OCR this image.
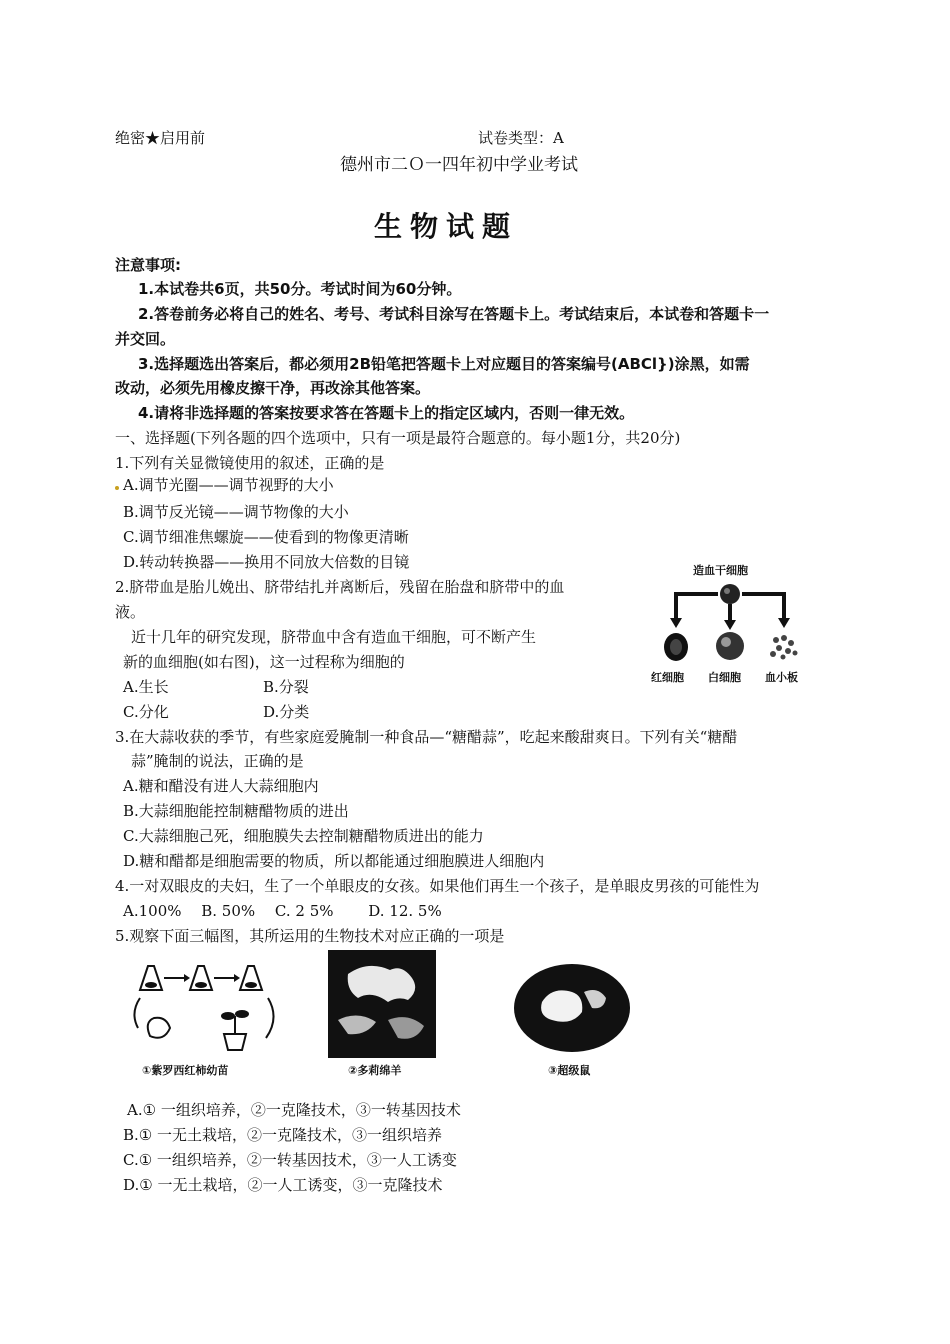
绝密★启用前	试卷类型：A
德州市二Ｏ一四年初中学业考试
生物试题
注意事项:
1.本试卷共6页，共50分。考试时间为60分钟。
2.答卷前务必将自己的姓名、考号、考试科目涂写在答题卡上。考试结束后，本试卷和答题卡一
并交回。
3.选择题选出答案后，都必须用2B铅笔把答题卡上对应题目的答案编号(ABCl})涂黑，如需
改动，必须先用橡皮擦干净，再改涂其他答案。
4.请将非选择题的答案按要求答在答题卡上的指定区域内，否则一律无效。
一、选择题(下列各题的四个选项中，只有一项是最符合题意的。每小题1分，共20分)
1.下列有关显微镜使用的叙述，正确的是
A.调节光圈——调节视野的大小
B.调节反光镜——调节物像的大小
C.调节细准焦螺旋——使看到的物像更清晰
D.转动转换器——换用不同放大倍数的目镜
2.脐带血是胎儿娩出、脐带结扎并离断后，残留在胎盘和脐带中的血
液。
近十几年的研究发现，脐带血中含有造血干细胞，可不断产生
新的血细胞(如右图)，这一过程称为细胞的
A.生长	B.分裂
C.分化	D.分类
造血干细胞
红细胞 白细胞 血小板
3.在大蒜收获的季节，有些家庭爱腌制一种食品—“糖醋蒜”，吃起来酸甜爽日。下列有关“糖醋
蒜”腌制的说法，正确的是
A.糖和醋没有进人大蒜细胞内
B.大蒜细胞能控制糖醋物质的进出
C.大蒜细胞己死，细胞膜失去控制糖醋物质进出的能力
D.糖和醋都是细胞需要的物质，所以都能通过细胞膜进人细胞内
4.一对双眼皮的夫妇，生了一个单眼皮的女孩。如果他们再生一个孩子，是单眼皮男孩的可能性为
A.100%　 B. 50%　 C. 2 5%　　 D. 12. 5%
5.观察下面三幅图，其所运用的生物技术对应正确的一项是
①紫罗西红柿幼苗	②多莉绵羊	③超级鼠
A.① 一组织培养，②一克隆技术，③一转基因技术
B.① 一无土栽培，②一克隆技术，③一组织培养
C.① 一组织培养，②一转基因技术，③一人工诱变
D.① 一无土栽培，②一人工诱变，③一克隆技术
